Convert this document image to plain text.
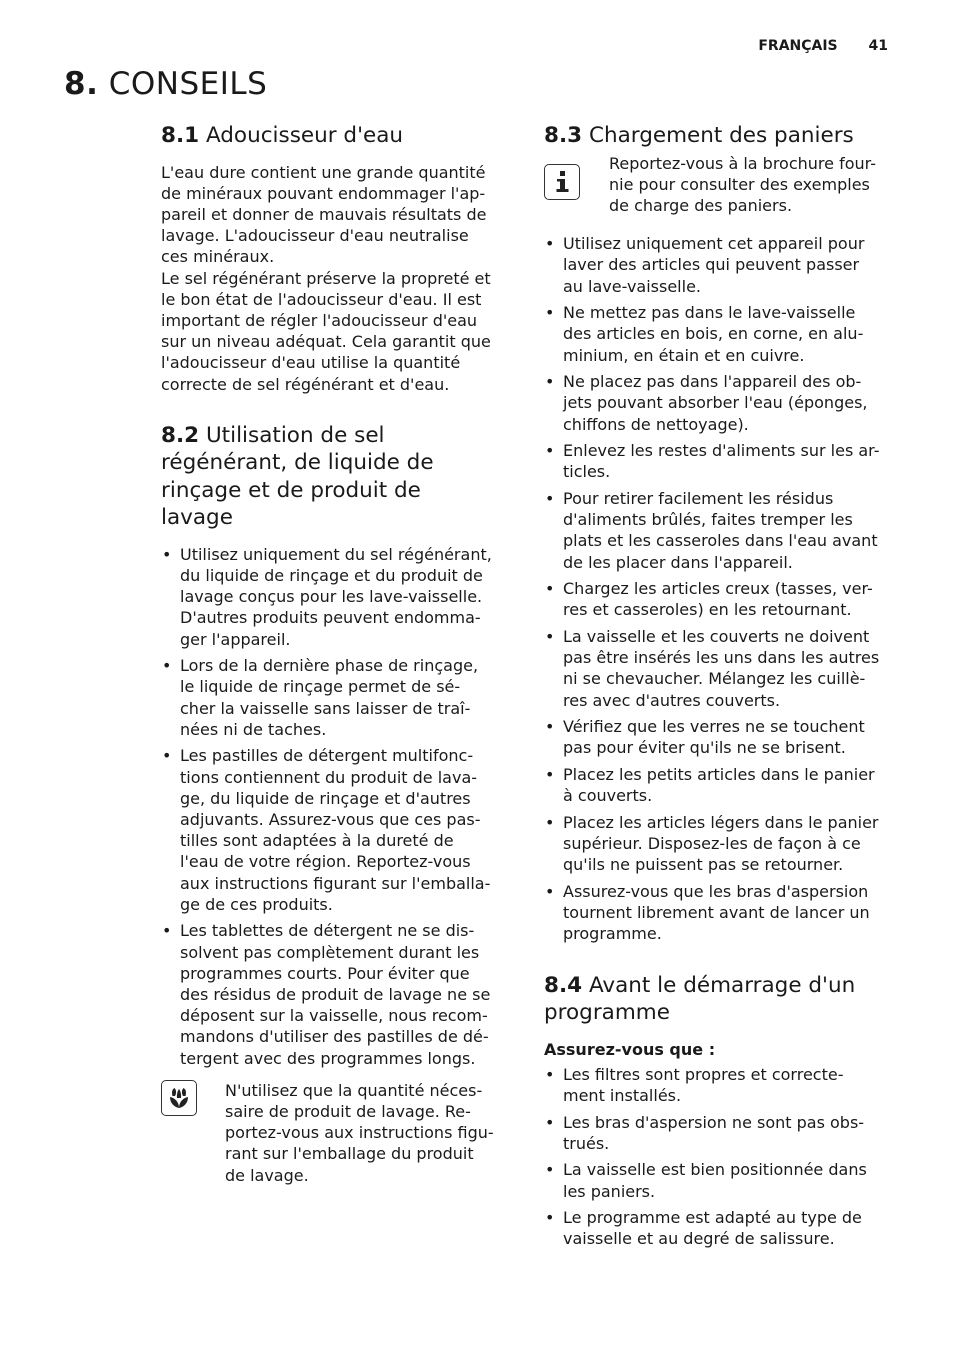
FRANÇAIS 41
8. CONSEILS
8.1 Adoucisseur d'eau

L'eau dure contient une grande quantité
de minéraux pouvant endommager l'ap-
pareil et donner de mauvais résultats de
lavage. L'adoucisseur d'eau neutralise
ces minéraux.
Le sel régénérant préserve la propreté et
le bon état de l'adoucisseur d'eau. Il est
important de régler l'adoucisseur d'eau
sur un niveau adéquat. Cela garantit que
l'adoucisseur d'eau utilise la quantité
correcte de sel régénérant et d'eau.

8.2 Utilisation de sel
régénérant, de liquide de
rinçage et de produit de
lavage
• Utilisez uniquement du sel régénérant,
du liquide de rinçage et du produit de
lavage conçus pour les lave-vaisselle.
D'autres produits peuvent endomma-
ger l'appareil.
• Lors de la dernière phase de rinçage,
le liquide de rinçage permet de sé-
cher la vaisselle sans laisser de traî-
nées ni de taches.
• Les pastilles de détergent multifonc-
tions contiennent du produit de lava-
ge, du liquide de rinçage et d'autres
adjuvants. Assurez-vous que ces pas-
tilles sont adaptées à la dureté de
l'eau de votre région. Reportez-vous
aux instructions figurant sur l'emballa-
ge de ces produits.
• Les tablettes de détergent ne se dis-
solvent pas complètement durant les
programmes courts. Pour éviter que
des résidus de produit de lavage ne se
déposent sur la vaisselle, nous recom-
mandons d'utiliser des pastilles de dé-
tergent avec des programmes longs.

N'utilisez que la quantité néces-
saire de produit de lavage. Re-
portez-vous aux instructions figu-
rant sur l'emballage du produit
de lavage.

8.3 Chargement des paniers

Reportez-vous à la brochure four-
nie pour consulter des exemples
de charge des paniers.

• Utilisez uniquement cet appareil pour
laver des articles qui peuvent passer
au lave-vaisselle.
• Ne mettez pas dans le lave-vaisselle
des articles en bois, en corne, en alu-
minium, en étain et en cuivre.
• Ne placez pas dans l'appareil des ob-
jets pouvant absorber l'eau (éponges,
chiffons de nettoyage).
• Enlevez les restes d'aliments sur les ar-
ticles.
• Pour retirer facilement les résidus
d'aliments brûlés, faites tremper les
plats et les casseroles dans l'eau avant
de les placer dans l'appareil.
• Chargez les articles creux (tasses, ver-
res et casseroles) en les retournant.
• La vaisselle et les couverts ne doivent
pas être insérés les uns dans les autres
ni se chevaucher. Mélangez les cuillè-
res avec d'autres couverts.
• Vérifiez que les verres ne se touchent
pas pour éviter qu'ils ne se brisent.
• Placez les petits articles dans le panier
à couverts.
• Placez les articles légers dans le panier
supérieur. Disposez-les de façon à ce
qu'ils ne puissent pas se retourner.
• Assurez-vous que les bras d'aspersion
tournent librement avant de lancer un
programme.
8.4 Avant le démarrage d'un
programme
Assurez-vous que :
• Les filtres sont propres et correcte-
ment installés.
• Les bras d'aspersion ne sont pas obs-
trués.
• La vaisselle est bien positionnée dans
les paniers.
• Le programme est adapté au type de
vaisselle et au degré de salissure.
